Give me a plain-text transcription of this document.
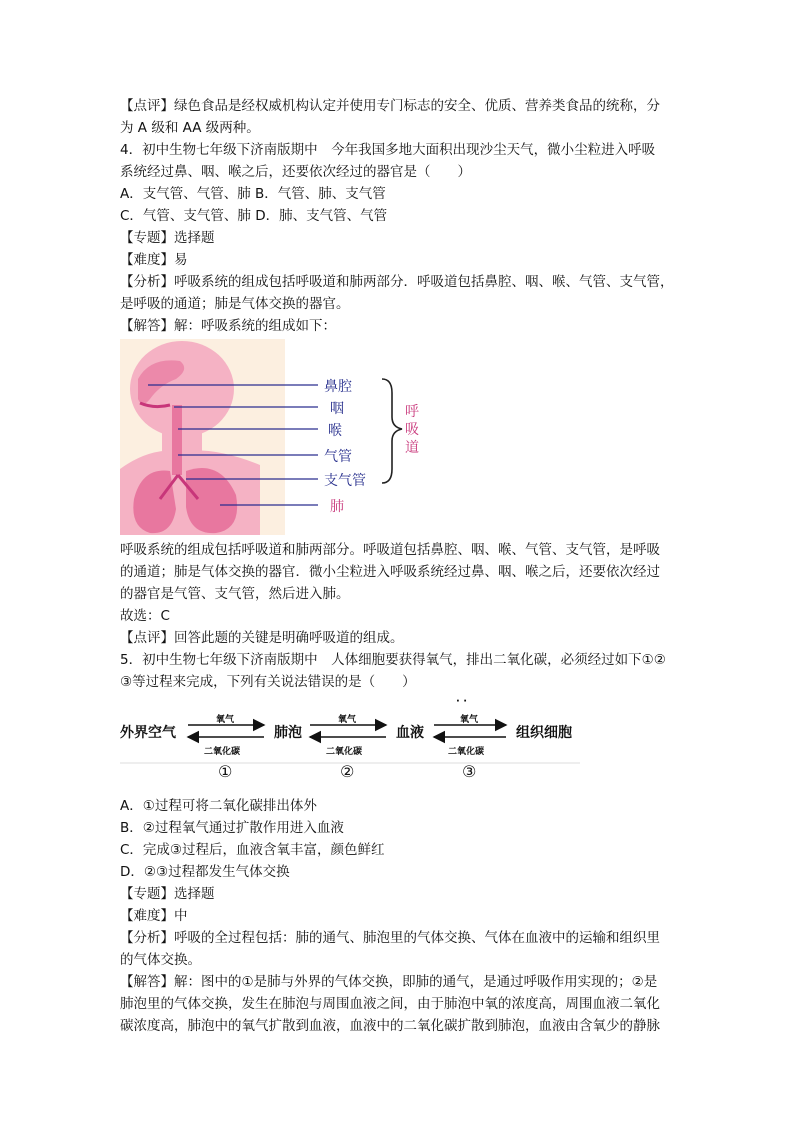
【点评】绿色食品是经权威机构认定并使用专门标志的安全、优质、营养类食品的统称，分
为 A 级和 AA 级两种。
4．初中生物七年级下济南版期中　今年我国多地大面积出现沙尘天气，微小尘粒进入呼吸
系统经过鼻、咽、喉之后，还要依次经过的器官是（　　）
A．支气管、气管、肺 B．气管、肺、支气管
C．气管、支气管、肺 D．肺、支气管、气管
【专题】选择题
【难度】易
【分析】呼吸系统的组成包括呼吸道和肺两部分．呼吸道包括鼻腔、咽、喉、气管、支气管，
是呼吸的通道；肺是气体交换的器官。
【解答】解：呼吸系统的组成如下：
鼻腔
咽
喉
气管
支气管
肺
呼吸道
呼吸系统的组成包括呼吸道和肺两部分。呼吸道包括鼻腔、咽、喉、气管、支气管，是呼吸
的通道；肺是气体交换的器官．微小尘粒进入呼吸系统经过鼻、咽、喉之后，还要依次经过
的器官是气管、支气管，然后进入肺。
故选：C
【点评】回答此题的关键是明确呼吸道的组成。
5．初中生物七年级下济南版期中　人体细胞要获得氧气，排出二氧化碳，必须经过如下①②
③等过程来完成，下列有关说法错误的是（　　）
· ·
外界空气	肺泡	血液	组织细胞
氧气	氧气	氧气
二氧化碳	二氧化碳	二氧化碳
①	②	③
A．①过程可将二氧化碳排出体外
B．②过程氧气通过扩散作用进入血液
C．完成③过程后，血液含氧丰富，颜色鲜红
D．②③过程都发生气体交换
【专题】选择题
【难度】中
【分析】呼吸的全过程包括：肺的通气、肺泡里的气体交换、气体在血液中的运输和组织里
的气体交换。
【解答】解：图中的①是肺与外界的气体交换，即肺的通气，是通过呼吸作用实现的；②是
肺泡里的气体交换，发生在肺泡与周围血液之间，由于肺泡中氧的浓度高，周围血液二氧化
碳浓度高，肺泡中的氧气扩散到血液，血液中的二氧化碳扩散到肺泡，血液由含氧少的静脉
